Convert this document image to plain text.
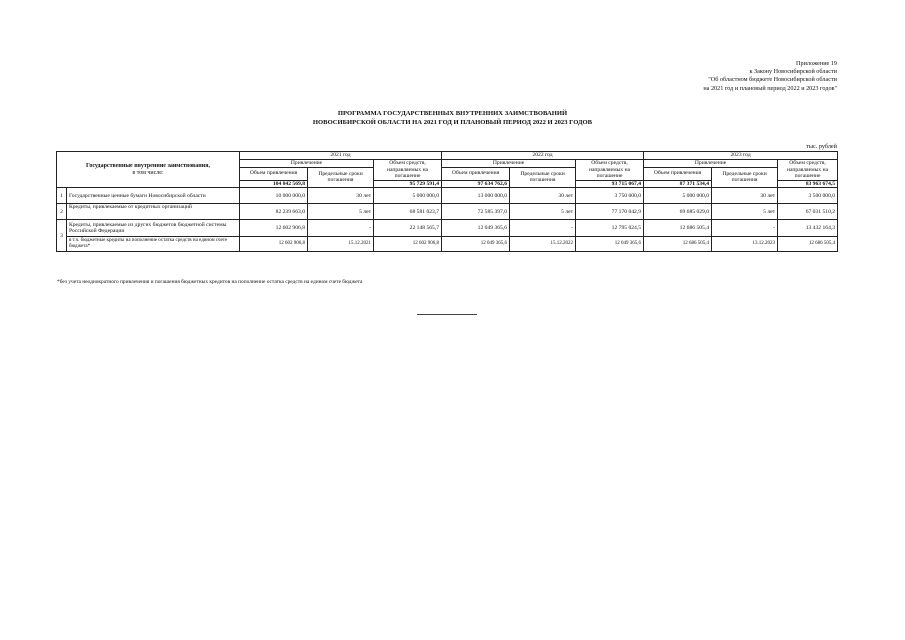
Приложение 19
к Закону Новосибирской области
"Об областном бюджете Новосибирской области
на 2021 год и плановый период 2022 и 2023 годов"
ПРОГРАММА ГОСУДАРСТВЕННЫХ ВНУТРЕННИХ ЗАИМСТВОВАНИЙ
НОВОСИБИРСКОЙ ОБЛАСТИ НА 2021 ГОД И ПЛАНОВЫЙ ПЕРИОД 2022 И 2023 ГОДОВ
тыс. рублей
Государственные внутренние заимствования,
в том числе:		2021 год			2022 год			2023 год		
		Привлечение		Объем средств, направляемых на погашение	Привлечение		Объем средств, направляемых на погашение	Привлечение		Объем средств, направляемых на погашение
		Объем привлечения	Предельные сроки погашения		Объем привлечения	Предельные сроки погашения		Объем привлечения	Предельные сроки погашения	
		104 842 569,8		95 729 591,4	97 634 762,6		93 715 067,4	87 371 534,4		83 963 674,5
1	Государственные ценные бумаги Новосибирской области	10 000 000,0	30 лет	5 000 000,0	13 000 000,0	30 лет	3 750 000,0	5 000 000,0	30 лет	3 500 000,0
2	Кредиты, привлекаемые от кредитных организаций	82 239 663,0	5 лет	68 581 023,7	72 585 397,0	5 лет	77 170 042,9	69 685 029,0	5 лет	67 031 510,2
3	Кредиты, привлекаемые из других бюджетов бюджетной системы Российской Федерации	12 602 906,8	-	22 148 565,7	12 049 365,6	-	12 795 024,5	12 686 505,4	-	13 432 164,3
	в т.ч. бюджетные кредиты на пополнение остатка средств на едином счете бюджета*	12 602 906,8	15.12.2021	12 602 906,8	12 049 365,6	15.12.2022	12 049 365,6	12 686 505,4	13.12.2023	12 686 505,4
*без учета неоднократного привлечения и погашения бюджетных кредитов на пополнение остатка средств на едином счете бюджета
